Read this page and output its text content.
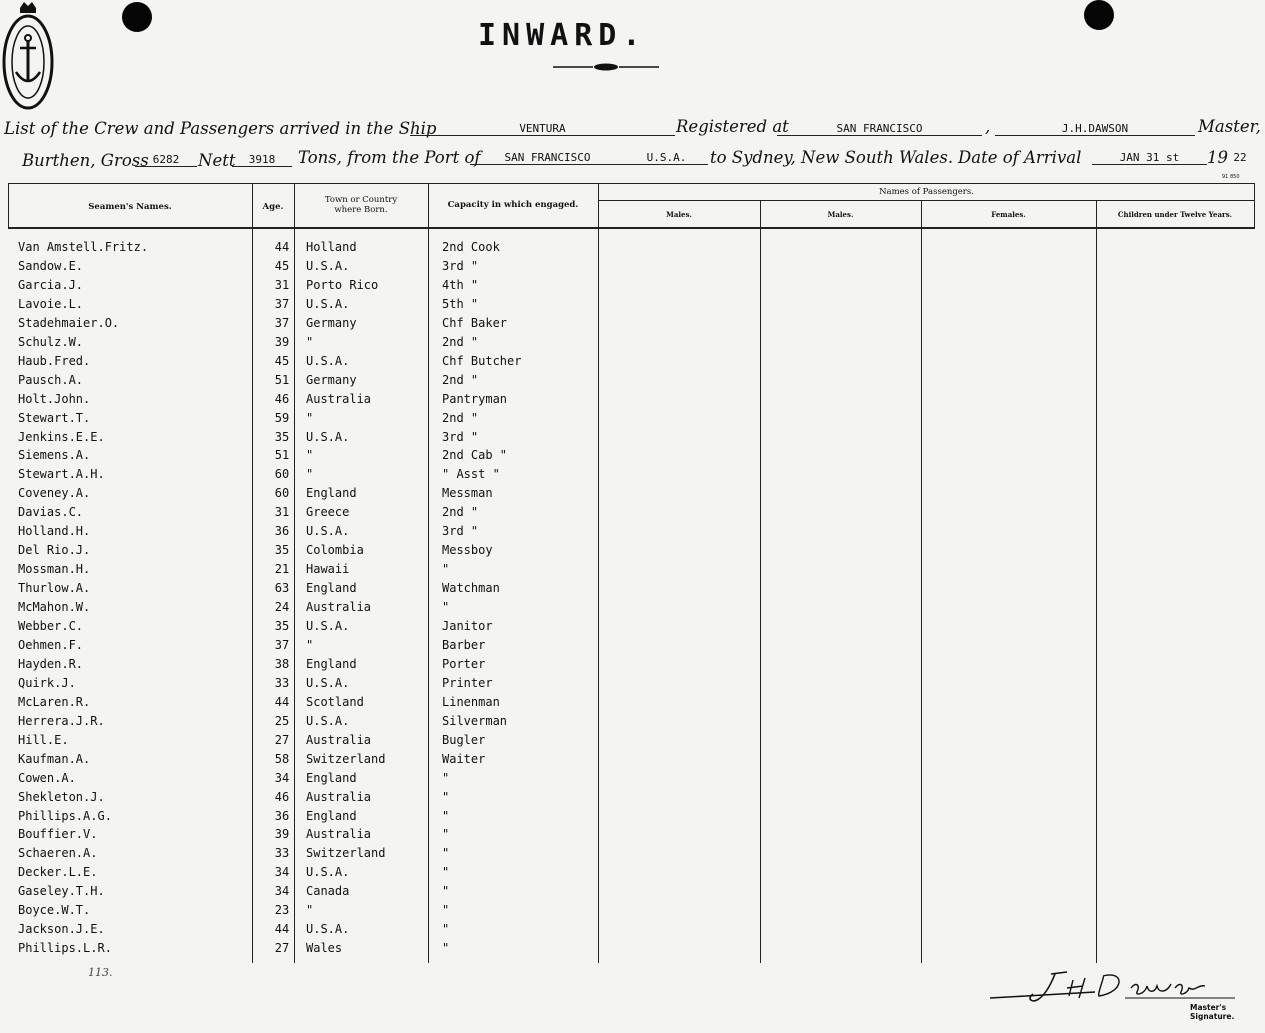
INWARD.
List of the Crew and Passengers arrived in the Ship	VENTURA	Registered at	SAN FRANCISCO	,	J.H.DAWSON	Master,
Burthen, Gross 6282	Nett	3918	Tons, from the Port of	SAN FRANCISCO	U.S.A.	to Sydney, New South Wales. Date of Arrival	JAN 31 st	19 22
91 850
Seamen's Names.	Age.
Town or Country
where Born.	Capacity in which engaged.
Names of Passengers.
Males.	Males.	Females.	Children under Twelve Years.
Van Amstell.Fritz.	44	Holland	2nd Cook
Sandow.E.	45	U.S.A.	3rd "
Garcia.J.	31	Porto Rico	4th "
Lavoie.L.	37	U.S.A.	5th "
Stadehmaier.O.	37	Germany	Chf Baker
Schulz.W.	39	"	2nd "
Haub.Fred.	45	U.S.A.	Chf Butcher
Pausch.A.	51	Germany	2nd "
Holt.John.	46	Australia	Pantryman
Stewart.T.	59	"	2nd "
Jenkins.E.E.	35	U.S.A.	3rd "
Siemens.A.	51	"	2nd Cab "
Stewart.A.H.	60	"	" Asst "
Coveney.A.	60	England	Messman
Davias.C.	31	Greece	2nd "
Holland.H.	36	U.S.A.	3rd "
Del Rio.J.	35	Colombia	Messboy
Mossman.H.	21	Hawaii	"
Thurlow.A.	63	England	Watchman
McMahon.W.	24	Australia	"
Webber.C.	35	U.S.A.	Janitor
Oehmen.F.	37	"	Barber
Hayden.R.	38	England	Porter
Quirk.J.	33	U.S.A.	Printer
McLaren.R.	44	Scotland	Linenman
Herrera.J.R.	25	U.S.A.	Silverman
Hill.E.	27	Australia	Bugler
Kaufman.A.	58	Switzerland	Waiter
Cowen.A.	34	England	"
Shekleton.J.	46	Australia	"
Phillips.A.G.	36	England	"
Bouffier.V.	39	Australia	"
Schaeren.A.	33	Switzerland	"
Decker.L.E.	34	U.S.A.	"
Gaseley.T.H.	34	Canada	"
Boyce.W.T.	23	"	"
Jackson.J.E.	44	U.S.A.	"
Phillips.L.R.	27	Wales	"
113.
Master's Signature.
